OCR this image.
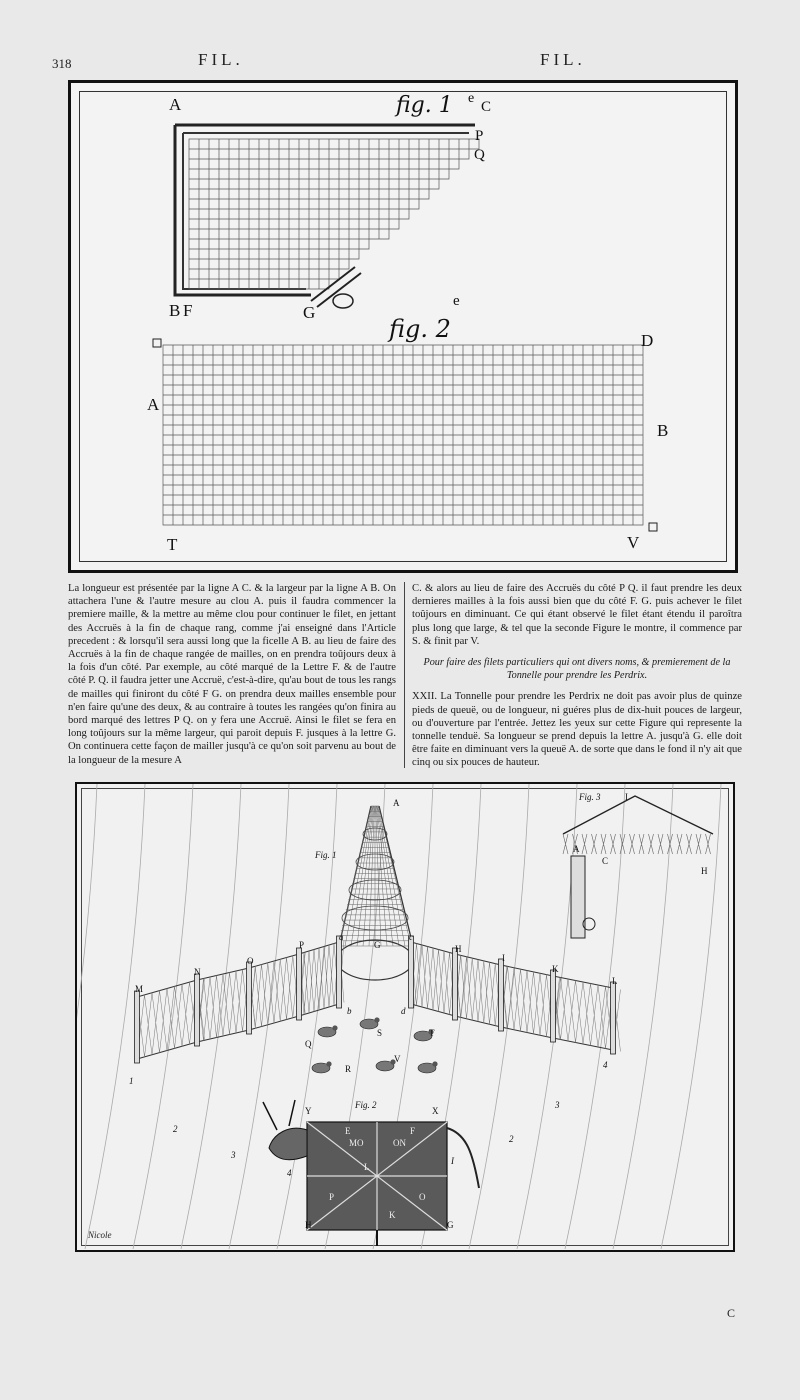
318	FIL.	FIL.
fig. 1
A	C
e
P
Q
B F	G
fig. 2
e
D
A
B
T	V

La longueur est présentée par la ligne A C. & la largeur par la ligne A B. On attachera l'une & l'autre mesure au clou A. puis il faudra commencer la premiere maille, & la mettre au même clou pour continuer le filet, en jettant des Accruës à la fin de chaque rang, comme j'ai enseigné dans l'Article precedent : & lorsqu'il sera aussi long que la ficelle A B. au lieu de faire des Accruës à la fin de chaque rangée de mailles, on en prendra toûjours deux à la fois d'un côté. Par exemple, au côté marqué de la Lettre F. & de l'autre côté P. Q. il faudra jetter une Accruë, c'est-à-dire, qu'au bout de tous les rangs de mailles qui finiront du côté F G. on prendra deux mailles ensemble pour n'en faire qu'une des deux, & au contraire à toutes les rangées qu'on finira au bord marqué des lettres P Q. on y fera une Accruë. Ainsi le filet se fera en long toûjours sur la même largeur, qui paroit depuis F. jusques à la lettre G. On continuera cette façon de mailler jusqu'à ce qu'on soit parvenu au bout de la longueur de la mesure A

C. & alors au lieu de faire des Accruës du côté P Q. il faut prendre les deux dernieres mailles à la fois aussi bien que du côté F. G. puis achever le filet toûjours en diminuant. Ce qui étant observé le filet étant étendu il paroîtra plus long que large, & tel que la seconde Figure le montre, il commence par S. & finit par V.

Pour faire des filets particuliers qui ont divers noms, & premierement de la Tonnelle pour prendre les Perdrix.

XXII. La Tonnelle pour prendre les Perdrix ne doit pas avoir plus de quinze pieds de queuë, ou de longueur, ni guéres plus de dix-huit pouces de largeur, ou d'ouverture par l'entrée. Jettez les yeux sur cette Figure qui represente la tonnelle tenduë. Sa longueur se prend depuis la lettre A. jusqu'à G. elle doit être faite en diminuant vers la queuë A. de sorte que dans le fond il n'y ait que cinq ou six pouces de hauteur.

Fig. 1
Fig. 2
Fig. 3
A
a	c
G
b	d
M
N
O
P	H
I
K
L
Q
S	T
R
V
Y	X
E	F
MO	ON
L
P	O
K
H	G
I
1
2
3
4
2
3
4
A
C
H
I
Nicole
C
